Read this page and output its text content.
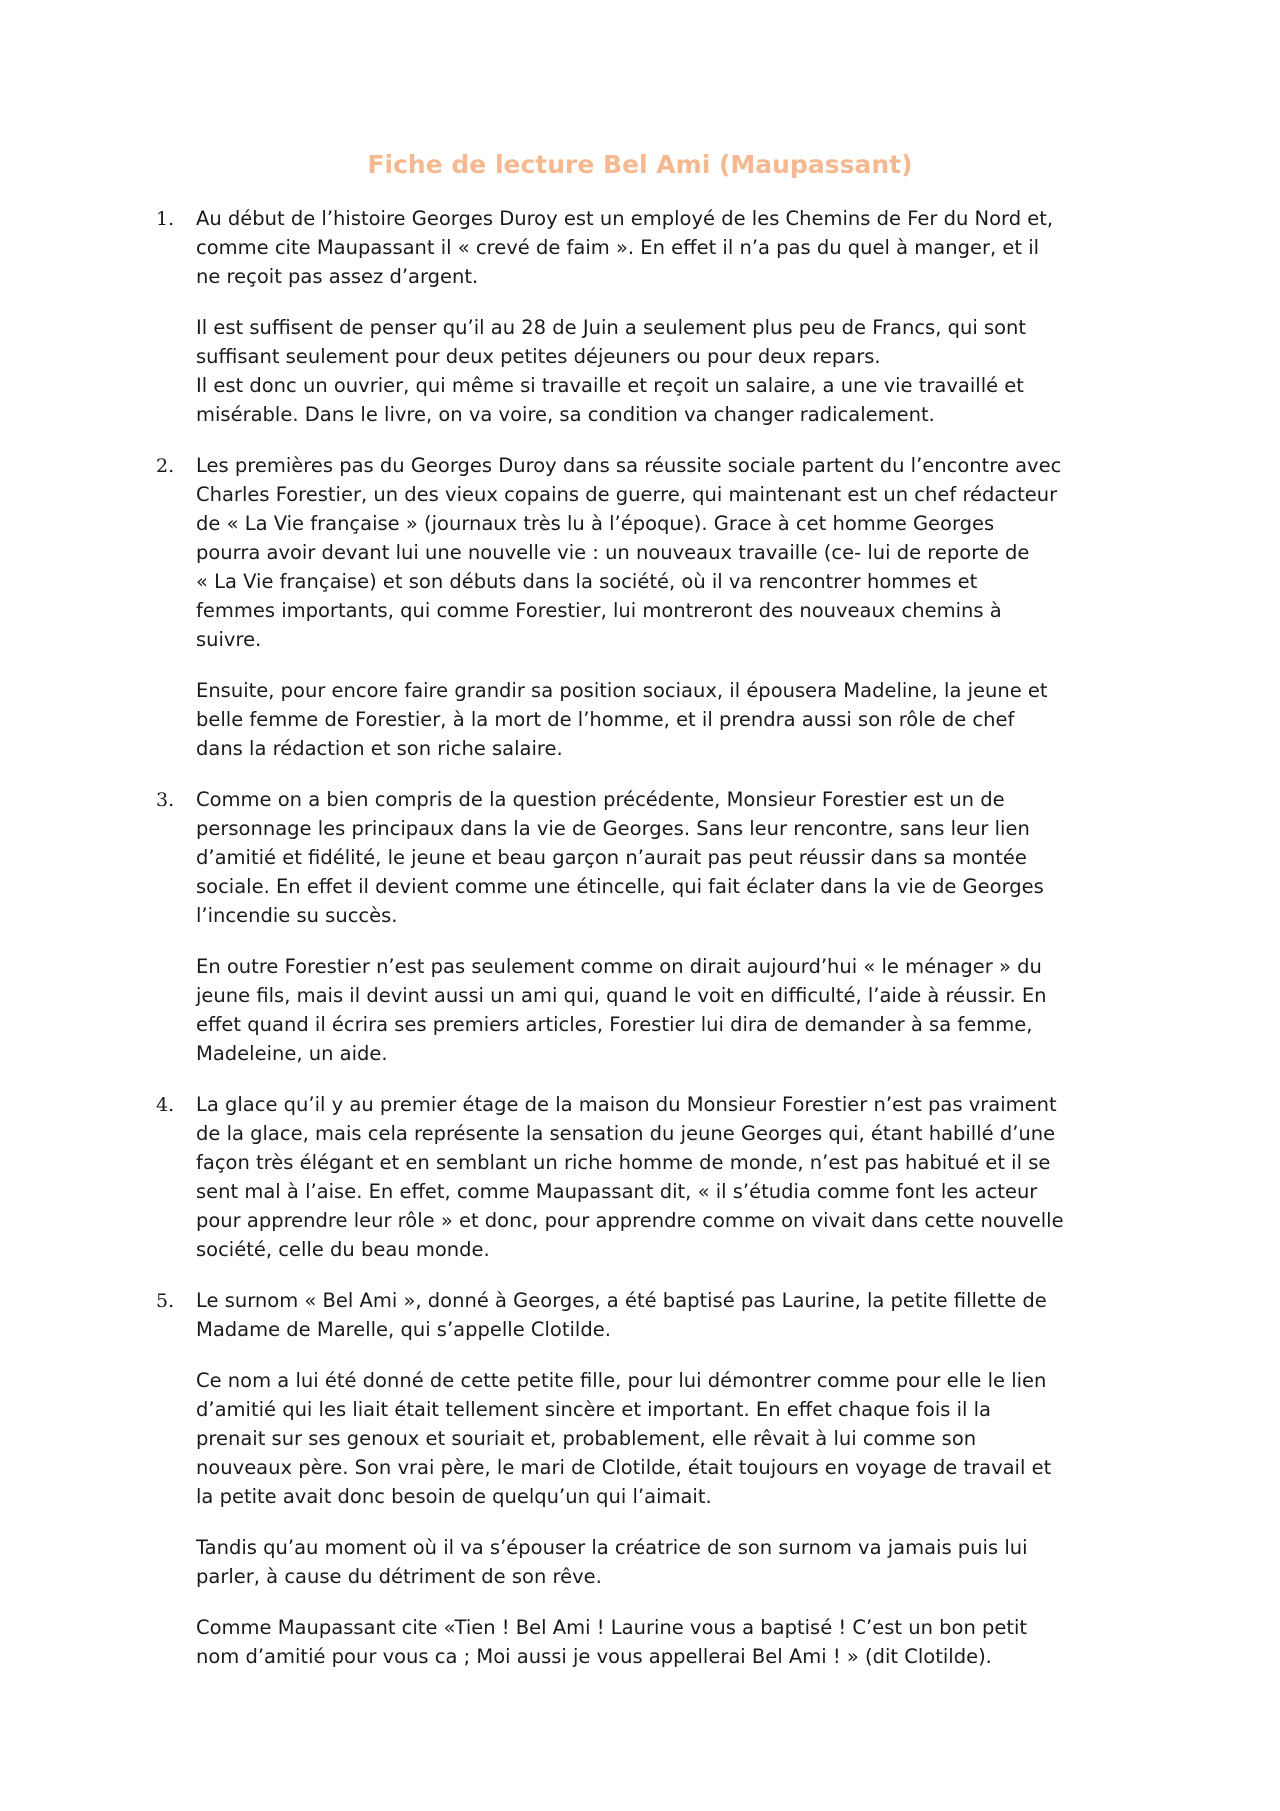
Fiche de lecture Bel Ami (Maupassant)
1. Au début de l’histoire Georges Duroy est un employé de les Chemins de Fer du Nord et,
comme cite Maupassant il « crevé de faim ». En effet il n’a pas du quel à manger, et il
ne reçoit pas assez d’argent.

Il est suffisent de penser qu’il au 28 de Juin a seulement plus peu de Francs, qui sont
suffisant seulement pour deux petites déjeuners ou pour deux repars.
Il est donc un ouvrier, qui même si travaille et reçoit un salaire, a une vie travaillé et
misérable. Dans le livre, on va voire, sa condition va changer radicalement.

2. Les premières pas du Georges Duroy dans sa réussite sociale partent du l’encontre avec
Charles Forestier, un des vieux copains de guerre, qui maintenant est un chef rédacteur
de « La Vie française » (journaux très lu à l’époque). Grace à cet homme Georges
pourra avoir devant lui une nouvelle vie : un nouveaux travaille (ce- lui de reporte de
« La Vie française) et son débuts dans la société, où il va rencontrer hommes et
femmes importants, qui comme Forestier, lui montreront des nouveaux chemins à
suivre.

Ensuite, pour encore faire grandir sa position sociaux, il épousera Madeline, la jeune et
belle femme de Forestier, à la mort de l’homme, et il prendra aussi son rôle de chef
dans la rédaction et son riche salaire.

3. Comme on a bien compris de la question précédente, Monsieur Forestier est un de
personnage les principaux dans la vie de Georges. Sans leur rencontre, sans leur lien
d’amitié et fidélité, le jeune et beau garçon n’aurait pas peut réussir dans sa montée
sociale. En effet il devient comme une étincelle, qui fait éclater dans la vie de Georges
l’incendie su succès.

En outre Forestier n’est pas seulement comme on dirait aujourd’hui « le ménager » du
jeune fils, mais il devint aussi un ami qui, quand le voit en difficulté, l’aide à réussir. En
effet quand il écrira ses premiers articles, Forestier lui dira de demander à sa femme,
Madeleine, un aide.

4. La glace qu’il y au premier étage de la maison du Monsieur Forestier n’est pas vraiment
de la glace, mais cela représente la sensation du jeune Georges qui, étant habillé d’une
façon très élégant et en semblant un riche homme de monde, n’est pas habitué et il se
sent mal à l’aise. En effet, comme Maupassant dit, « il s’étudia comme font les acteur
pour apprendre leur rôle » et donc, pour apprendre comme on vivait dans cette nouvelle
société, celle du beau monde.

5. Le surnom « Bel Ami », donné à Georges, a été baptisé pas Laurine, la petite fillette de
Madame de Marelle, qui s’appelle Clotilde.

Ce nom a lui été donné de cette petite fille, pour lui démontrer comme pour elle le lien
d’amitié qui les liait était tellement sincère et important. En effet chaque fois il la
prenait sur ses genoux et souriait et, probablement, elle rêvait à lui comme son
nouveaux père. Son vrai père, le mari de Clotilde, était toujours en voyage de travail et
la petite avait donc besoin de quelqu’un qui l’aimait.

Tandis qu’au moment où il va s’épouser la créatrice de son surnom va jamais puis lui
parler, à cause du détriment de son rêve.

Comme Maupassant cite «Tien ! Bel Ami ! Laurine vous a baptisé ! C’est un bon petit
nom d’amitié pour vous ca ; Moi aussi je vous appellerai Bel Ami ! » (dit Clotilde).
